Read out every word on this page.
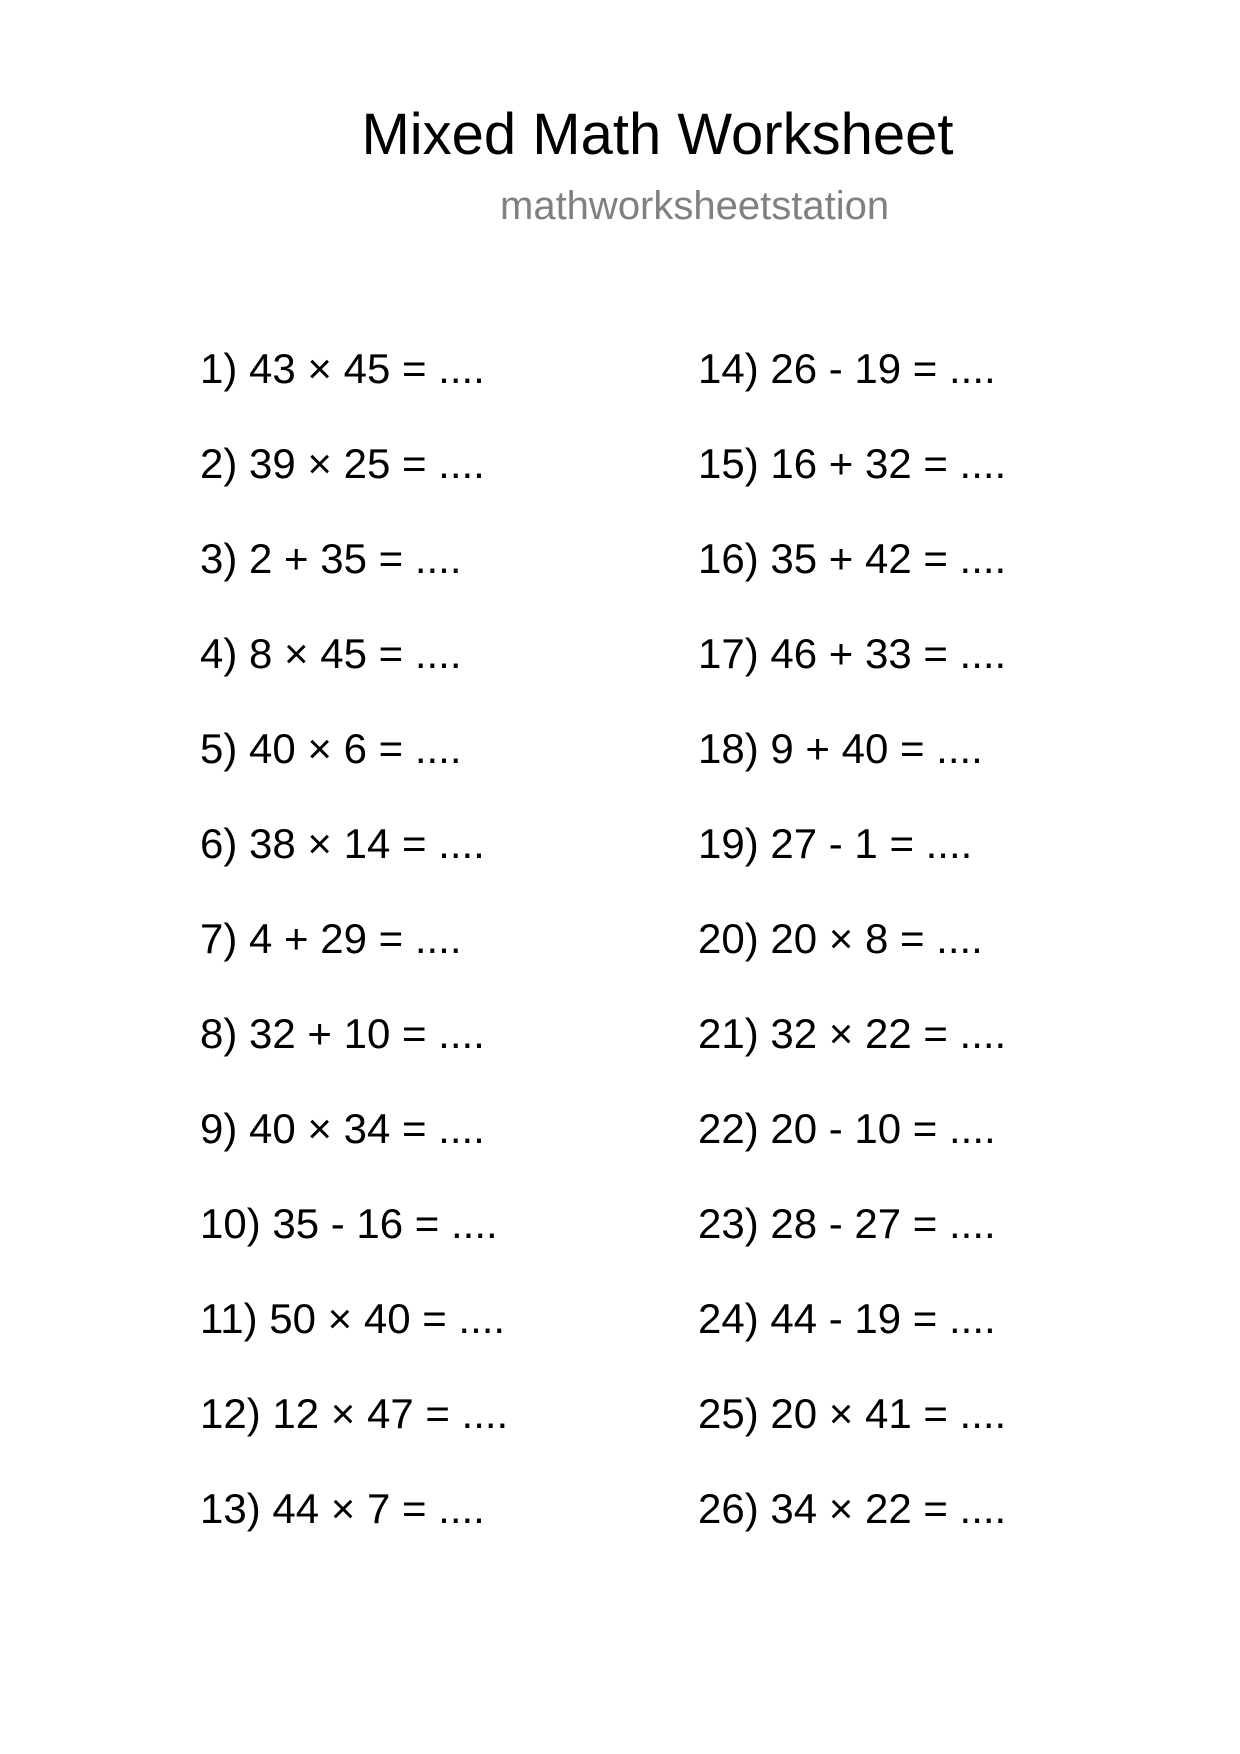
Mixed Math Worksheet

mathworksheetstation

1) 43 × 45 = ....
2) 39 × 25 = ....
3) 2 + 35 = ....
4) 8 × 45 = ....
5) 40 × 6 = ....
6) 38 × 14 = ....
7) 4 + 29 = ....
8) 32 + 10 = ....
9) 40 × 34 = ....
10) 35 - 16 = ....
11) 50 × 40 = ....
12) 12 × 47 = ....
13) 44 × 7 = ....
14) 26 - 19 = ....
15) 16 + 32 = ....
16) 35 + 42 = ....
17) 46 + 33 = ....
18) 9 + 40 = ....
19) 27 - 1 = ....
20) 20 × 8 = ....
21) 32 × 22 = ....
22) 20 - 10 = ....
23) 28 - 27 = ....
24) 44 - 19 = ....
25) 20 × 41 = ....
26) 34 × 22 = ....
